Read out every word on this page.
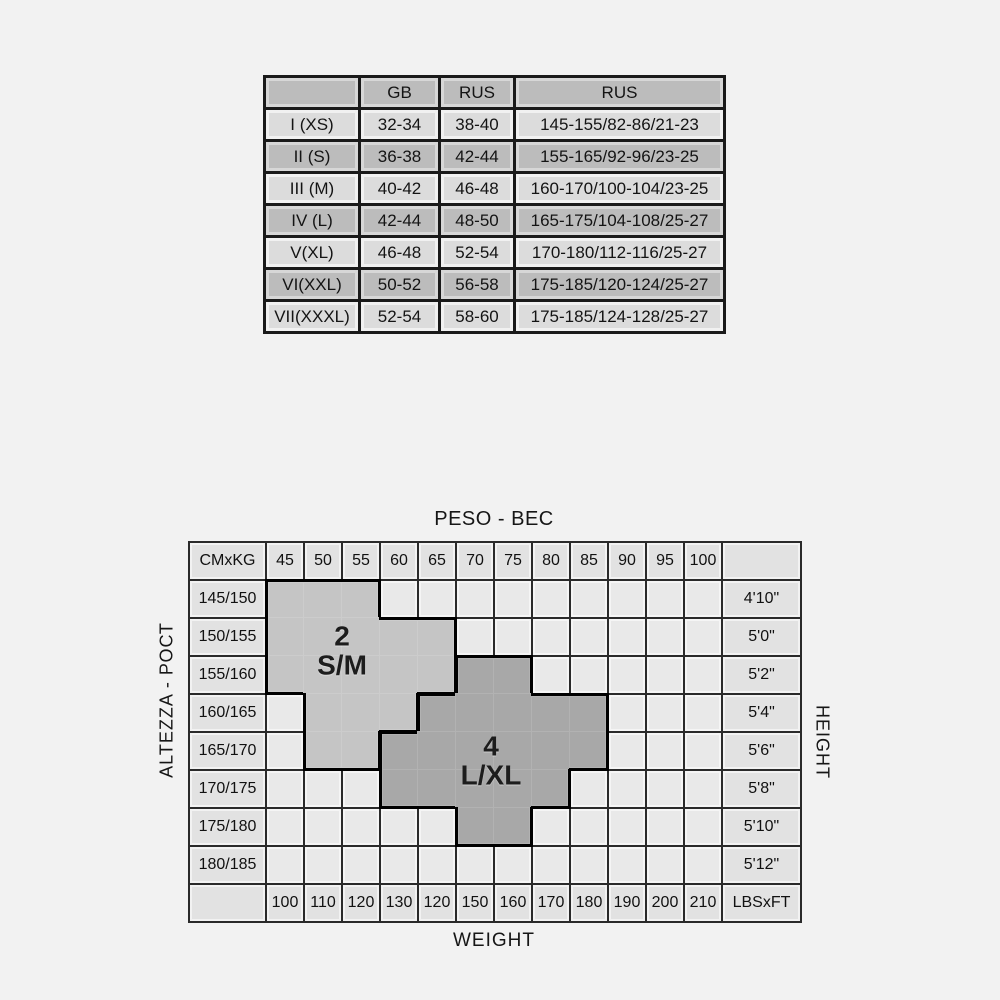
	GB	RUS	RUS
I (XS)	32-34	38-40	145-155/82-86/21-23
II (S)	36-38	42-44	155-165/92-96/23-25
III (M)	40-42	46-48	160-170/100-104/23-25
IV (L)	42-44	48-50	165-175/104-108/25-27
V(XL)	46-48	52-54	170-180/112-116/25-27
VI(XXL)	50-52	56-58	175-185/120-124/25-27
VII(XXXL)	52-54	58-60	175-185/124-128/25-27
PESO - ВЕС
ALTEZZA - РОСТ	HEIGHT
WEIGHT
CMxKG	45	50	55	60	65	70	75	80	85	90	95 100
145/150	4'10"
150/155	5'0"
155/160	5'2"
160/165	5'4"
165/170	5'6"
170/175	5'8"
175/180	5'10"
180/185	5'12"
100 110 120 130 120 150 160 170 180 190 200 210	LBSxFT
2
S/M
4
L/XL
